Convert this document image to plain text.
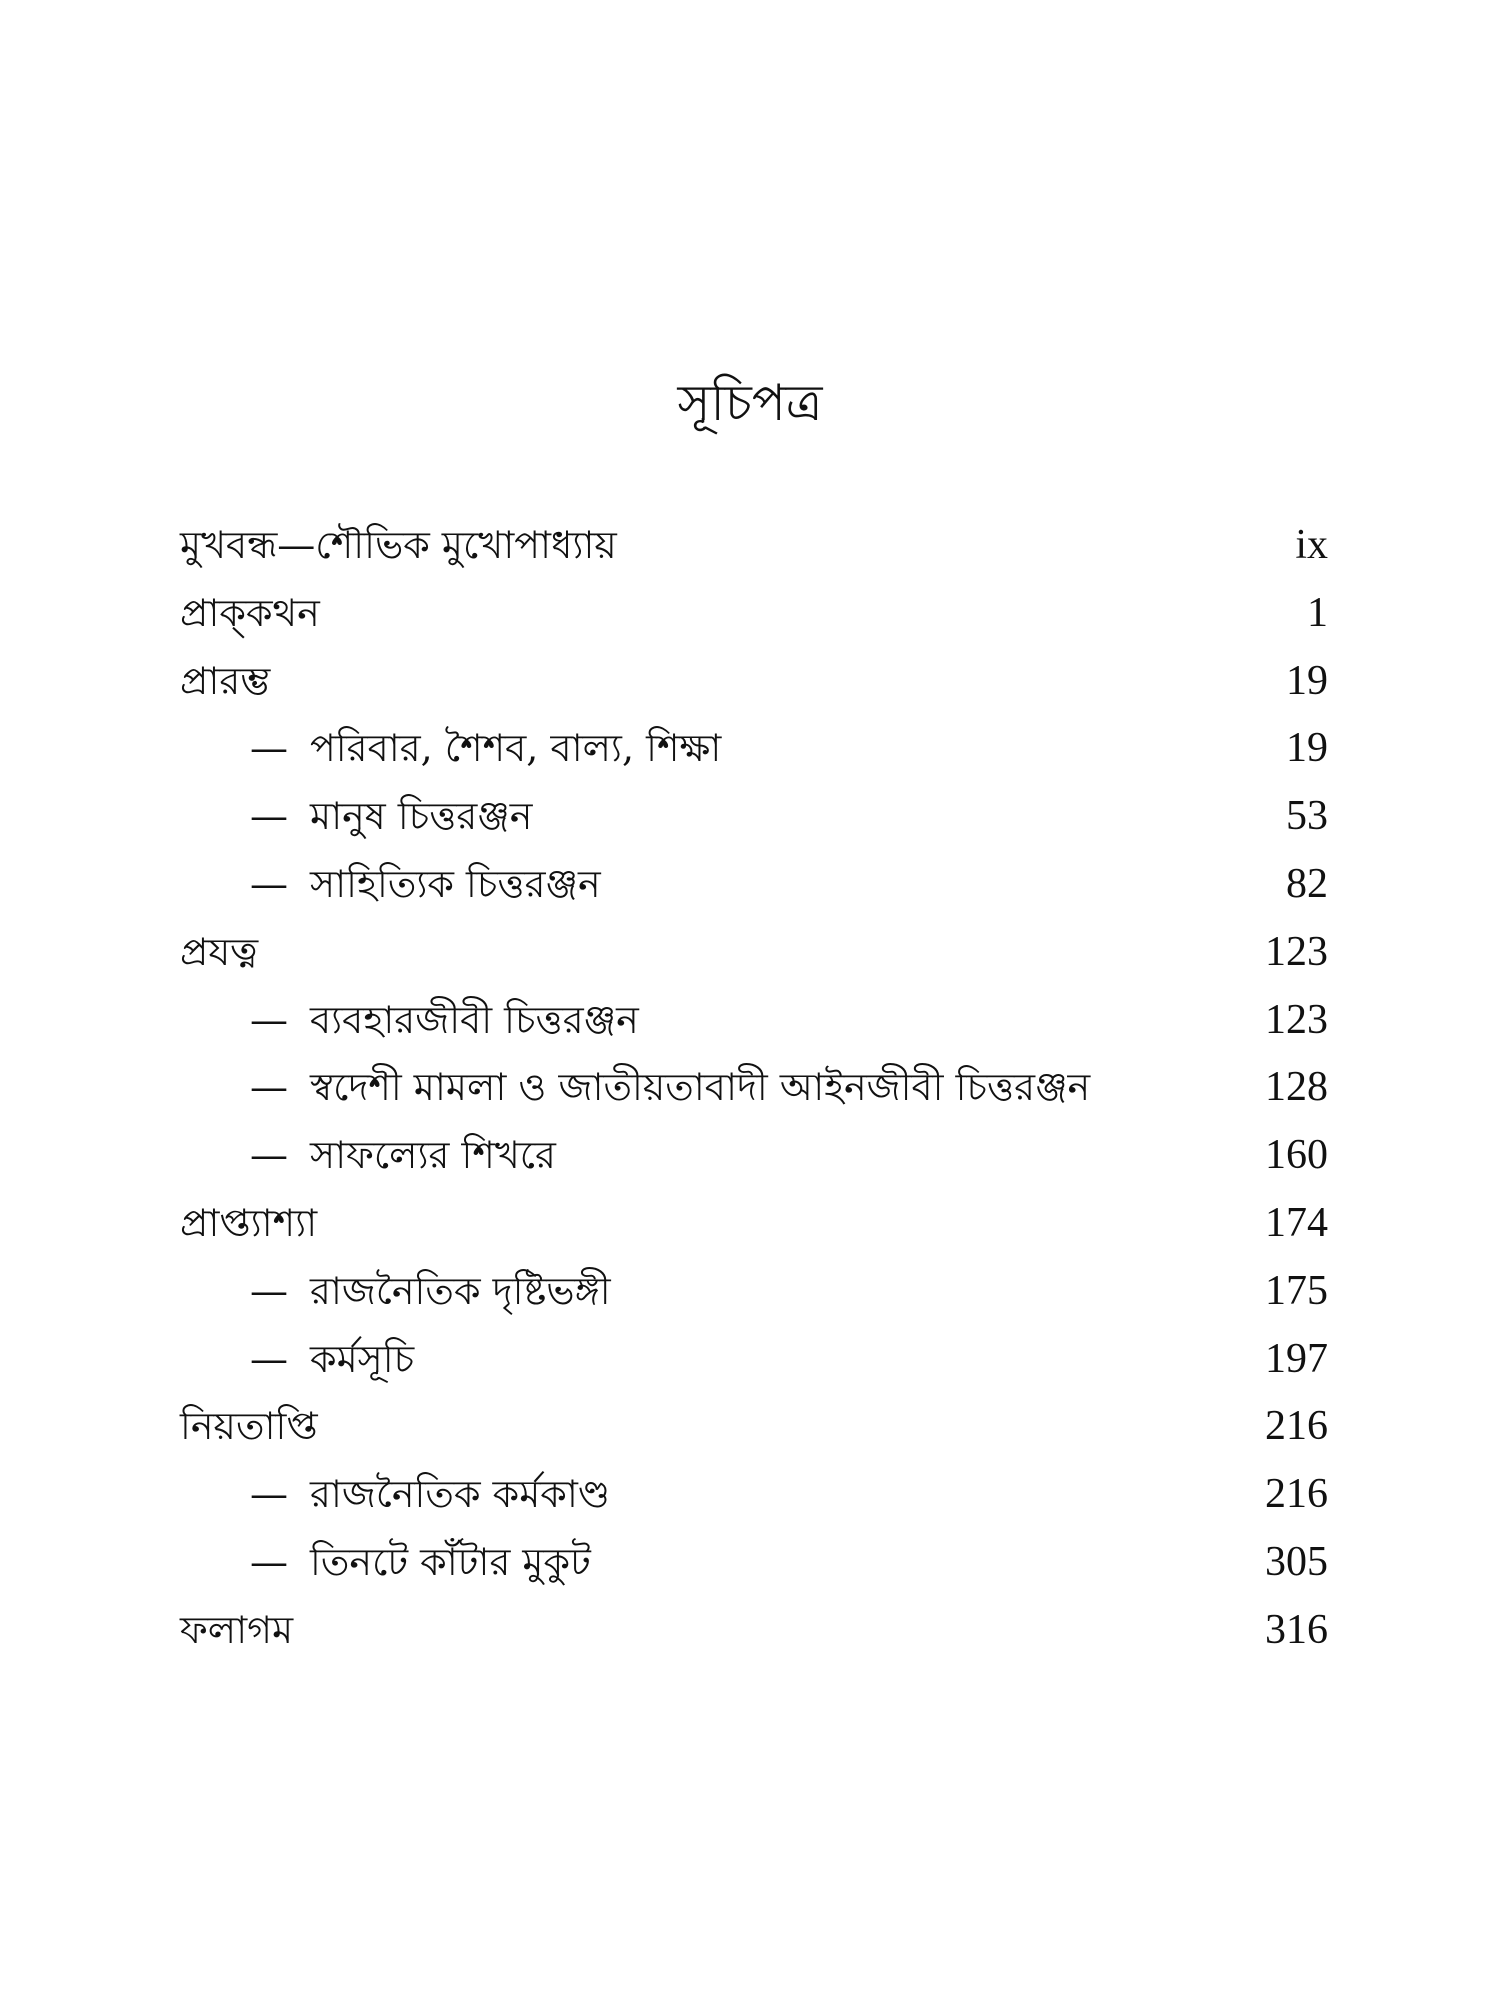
সূচিপত্র
মুখবন্ধ—শৌভিক মুখোপাধ্যায়	ix
প্রাক্‌কথন	1
প্রারম্ভ	19
— পরিবার, শৈশব, বাল্য, শিক্ষা	19
— মানুষ চিত্তরঞ্জন	53
— সাহিত্যিক চিত্তরঞ্জন	82
প্রযত্ন	123
— ব্যবহারজীবী চিত্তরঞ্জন	123
— স্বদেশী মামলা ও জাতীয়তাবাদী আইনজীবী চিত্তরঞ্জন	128
— সাফল্যের শিখরে	160
প্রাপ্ত্যাশ্যা	174
— রাজনৈতিক দৃষ্টিভঙ্গী	175
— কর্মসূচি	197
নিয়তাপ্তি	216
— রাজনৈতিক কর্মকাণ্ড	216
— তিনটে কাঁটার মুকুট	305
ফলাগম	316
